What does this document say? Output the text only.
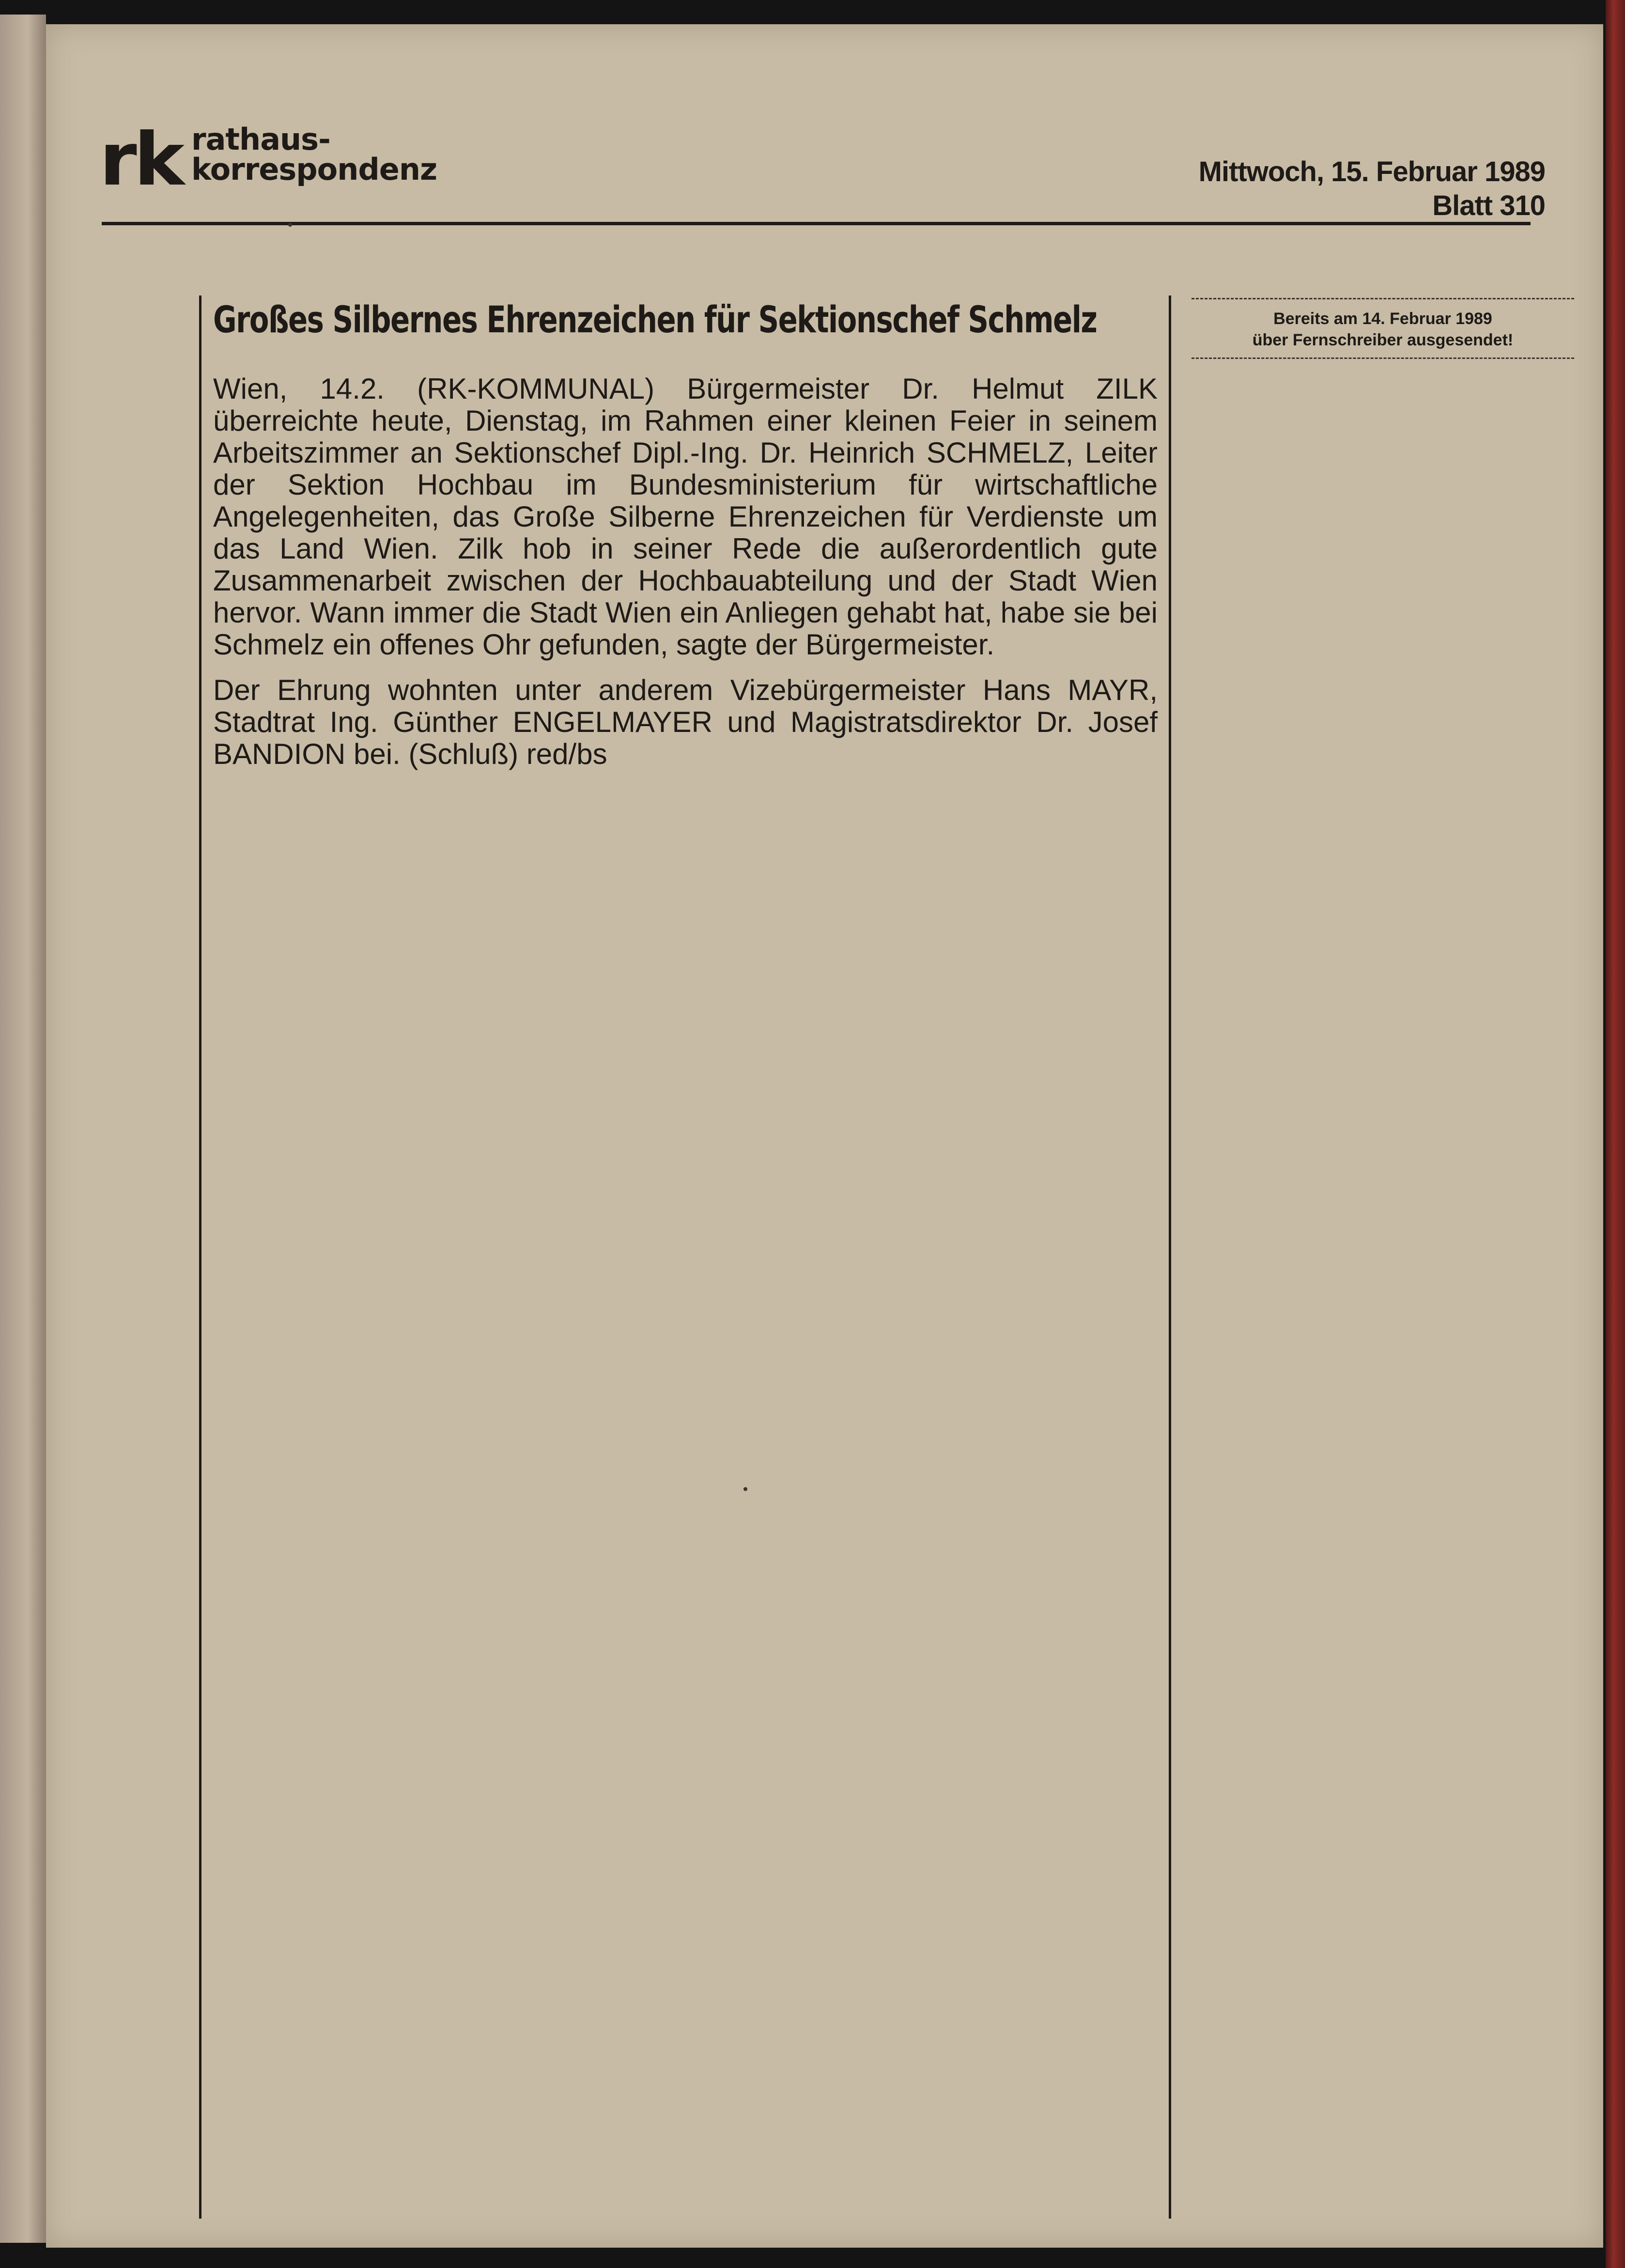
rk rathaus-
korrespondenz	Mittwoch, 15. Februar 1989
Blatt 310
Großes Silbernes Ehrenzeichen für Sektionschef Schmelz

Wien, 14.2. (RK-KOMMUNAL) Bürgermeister Dr. Helmut ZILK überreichte heute, Dienstag, im Rahmen einer kleinen Feier in seinem Arbeitszimmer an Sektionschef Dipl.-Ing. Dr. Heinrich SCHMELZ, Leiter der Sektion Hochbau im Bundesministerium für wirtschaftliche Angelegenheiten, das Große Silberne Ehrenzeichen für Verdienste um das Land Wien. Zilk hob in seiner Rede die außerordentlich gute Zusammenarbeit zwischen der Hochbauabteilung und der Stadt Wien hervor. Wann immer die Stadt Wien ein Anliegen gehabt hat, habe sie bei Schmelz ein offenes Ohr gefunden, sagte der Bürgermeister.

Der Ehrung wohnten unter anderem Vizebürgermeister Hans MAYR, Stadtrat Ing. Günther ENGELMAYER und Magistratsdirektor Dr. Josef BANDION bei. (Schluß) red/bs

Bereits am 14. Februar 1989
über Fernschreiber ausgesendet!
